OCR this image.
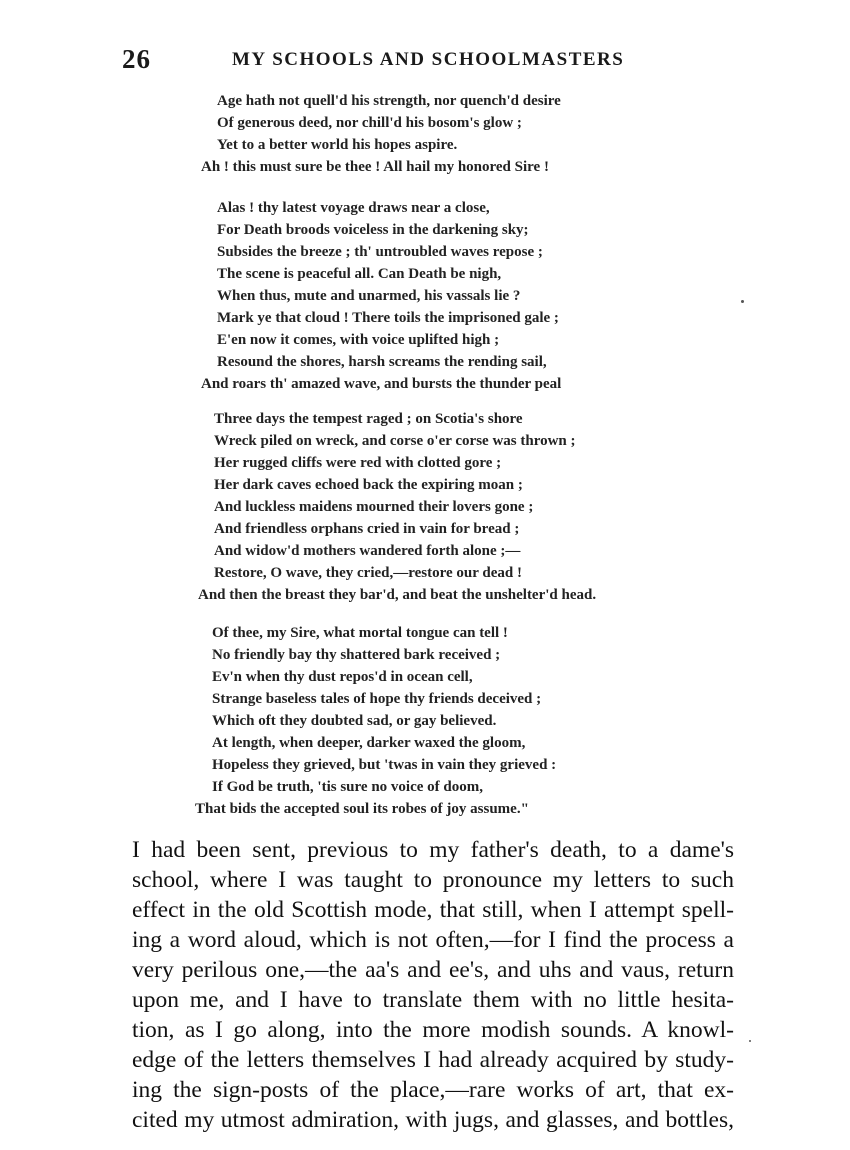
26	MY SCHOOLS AND SCHOOLMASTERS
Age hath not quell'd his strength, nor quench'd desire
Of generous deed, nor chill'd his bosom's glow ;
Yet to a better world his hopes aspire.
Ah ! this must sure be thee ! All hail my honored Sire !
Alas ! thy latest voyage draws near a close,
For Death broods voiceless in the darkening sky;
Subsides the breeze ; th' untroubled waves repose ;
The scene is peaceful all. Can Death be nigh,
When thus, mute and unarmed, his vassals lie ?
Mark ye that cloud ! There toils the imprisoned gale ;
E'en now it comes, with voice uplifted high ;
Resound the shores, harsh screams the rending sail,
And roars th' amazed wave, and bursts the thunder peal
Three days the tempest raged ; on Scotia's shore
Wreck piled on wreck, and corse o'er corse was thrown ;
Her rugged cliffs were red with clotted gore ;
Her dark caves echoed back the expiring moan ;
And luckless maidens mourned their lovers gone ;
And friendless orphans cried in vain for bread ;
And widow'd mothers wandered forth alone ;—
Restore, O wave, they cried,—restore our dead !
And then the breast they bar'd, and beat the unshelter'd head.
Of thee, my Sire, what mortal tongue can tell !
No friendly bay thy shattered bark received ;
Ev'n when thy dust repos'd in ocean cell,
Strange baseless tales of hope thy friends deceived ;
Which oft they doubted sad, or gay believed.
At length, when deeper, darker waxed the gloom,
Hopeless they grieved, but 'twas in vain they grieved :
If God be truth, 'tis sure no voice of doom,
That bids the accepted soul its robes of joy assume."
I had been sent, previous to my father's death, to a dame's
school, where I was taught to pronounce my letters to such
effect in the old Scottish mode, that still, when I attempt spell-
ing a word aloud, which is not often,—for I find the process a
very perilous one,—the aa's and ee's, and uhs and vaus, return
upon me, and I have to translate them with no little hesita-
tion, as I go along, into the more modish sounds. A knowl-
edge of the letters themselves I had already acquired by study-
ing the sign-posts of the place,—rare works of art, that ex-
cited my utmost admiration, with jugs, and glasses, and bottles,
